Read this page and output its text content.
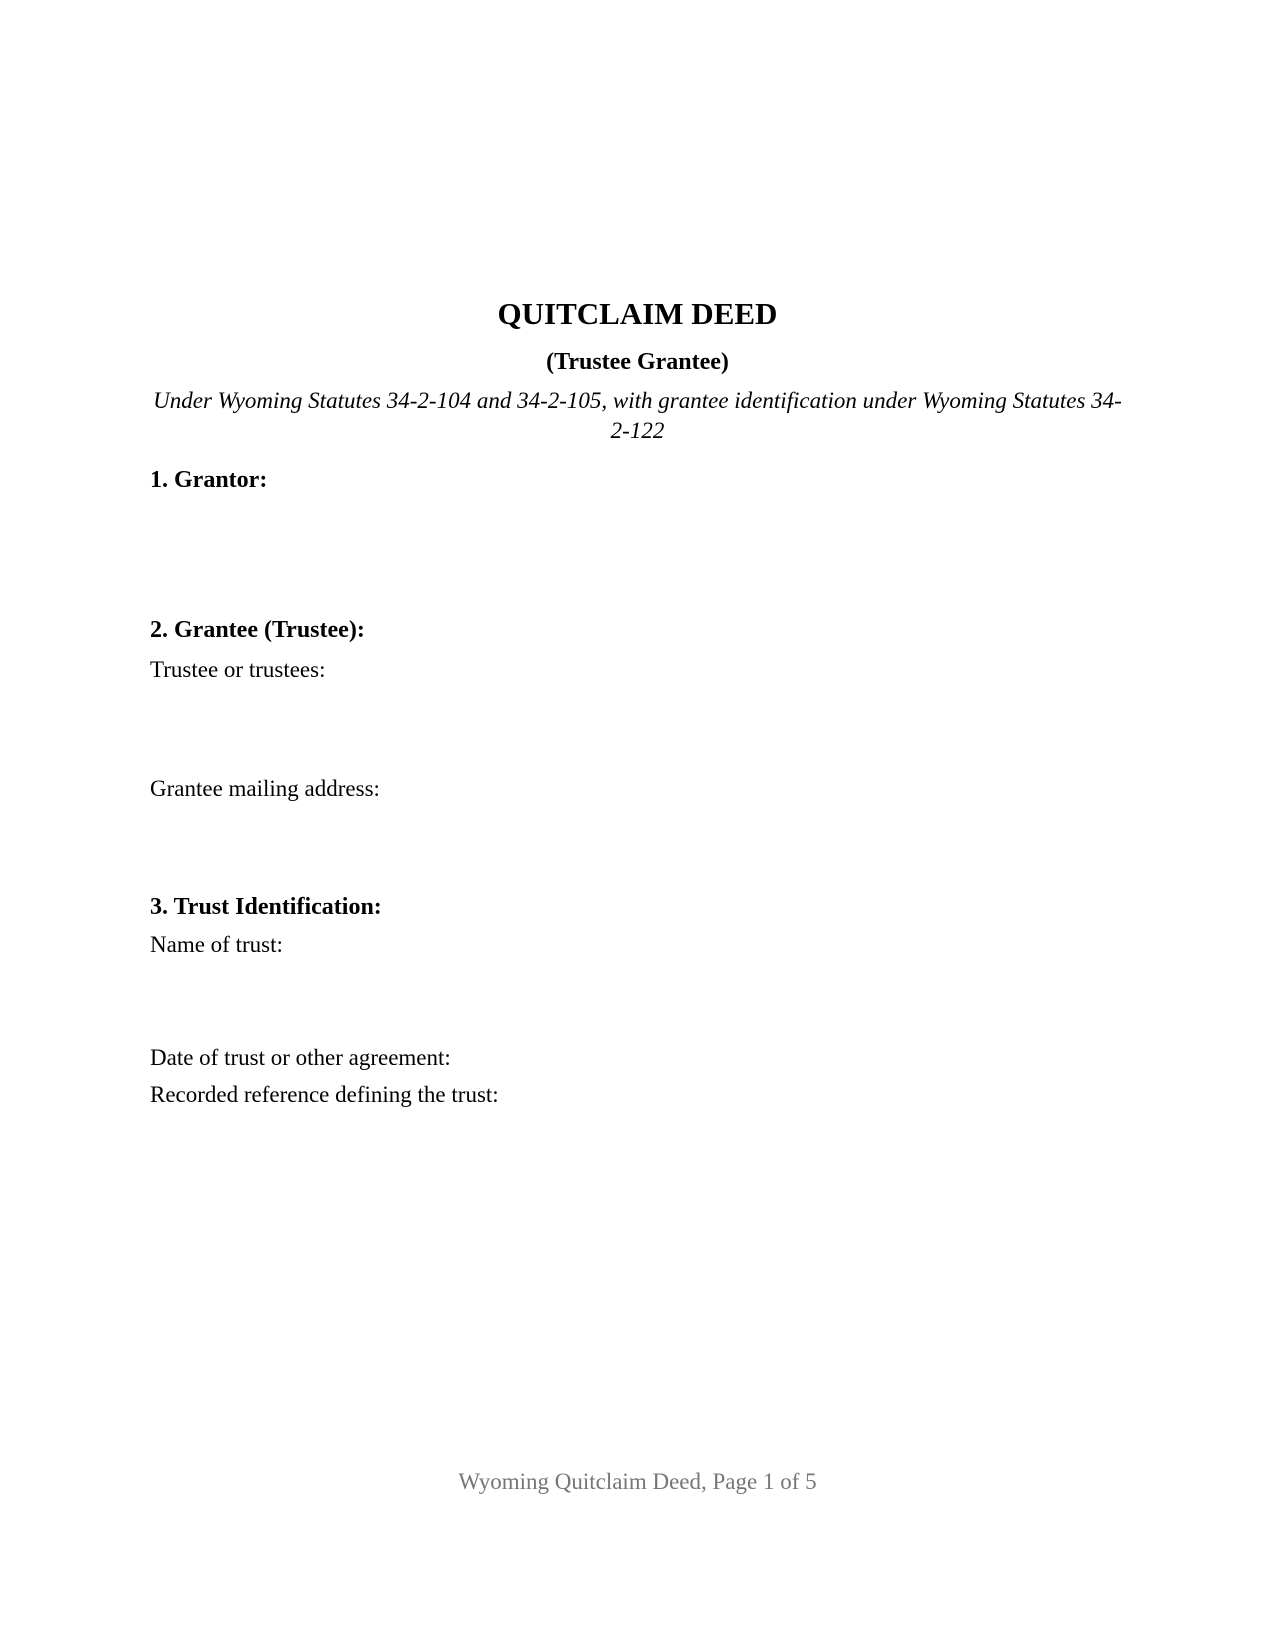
QUITCLAIM DEED
(Trustee Grantee)
Under Wyoming Statutes 34-2-104 and 34-2-105, with grantee identification under Wyoming Statutes 34-2-122
1. Grantor:
2. Grantee (Trustee):
Trustee or trustees:
Grantee mailing address:
3. Trust Identification:
Name of trust:
Date of trust or other agreement:
Recorded reference defining the trust:
Wyoming Quitclaim Deed, Page 1 of 5
